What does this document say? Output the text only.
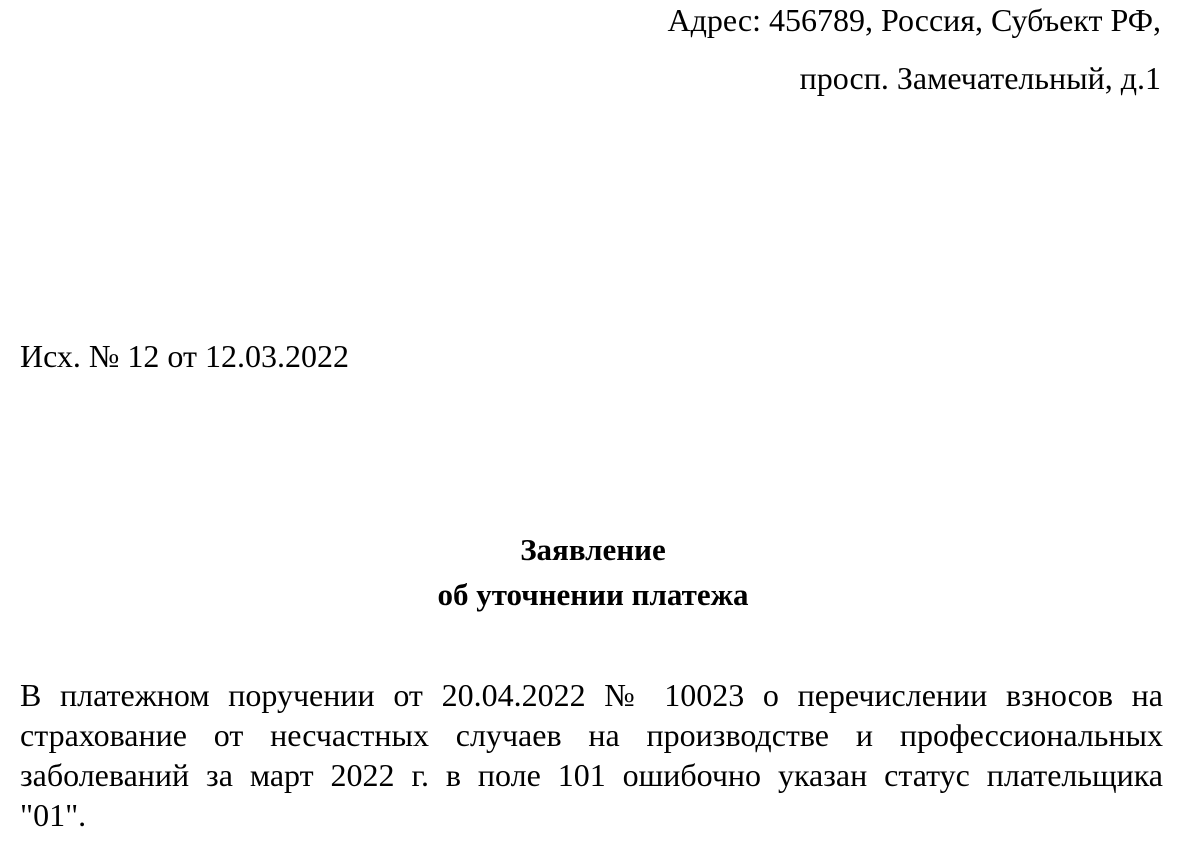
Адрес: 456789, Россия, Субъект РФ,
просп. Замечательный, д.1
Исх. № 12 от 12.03.2022
Заявление
об уточнении платежа
В платежном поручении от 20.04.2022 № 10023 о перечислении взносов на
страхование от несчастных случаев на производстве и профессиональных
заболеваний за март 2022 г. в поле 101 ошибочно указан статус плательщика
"01".
